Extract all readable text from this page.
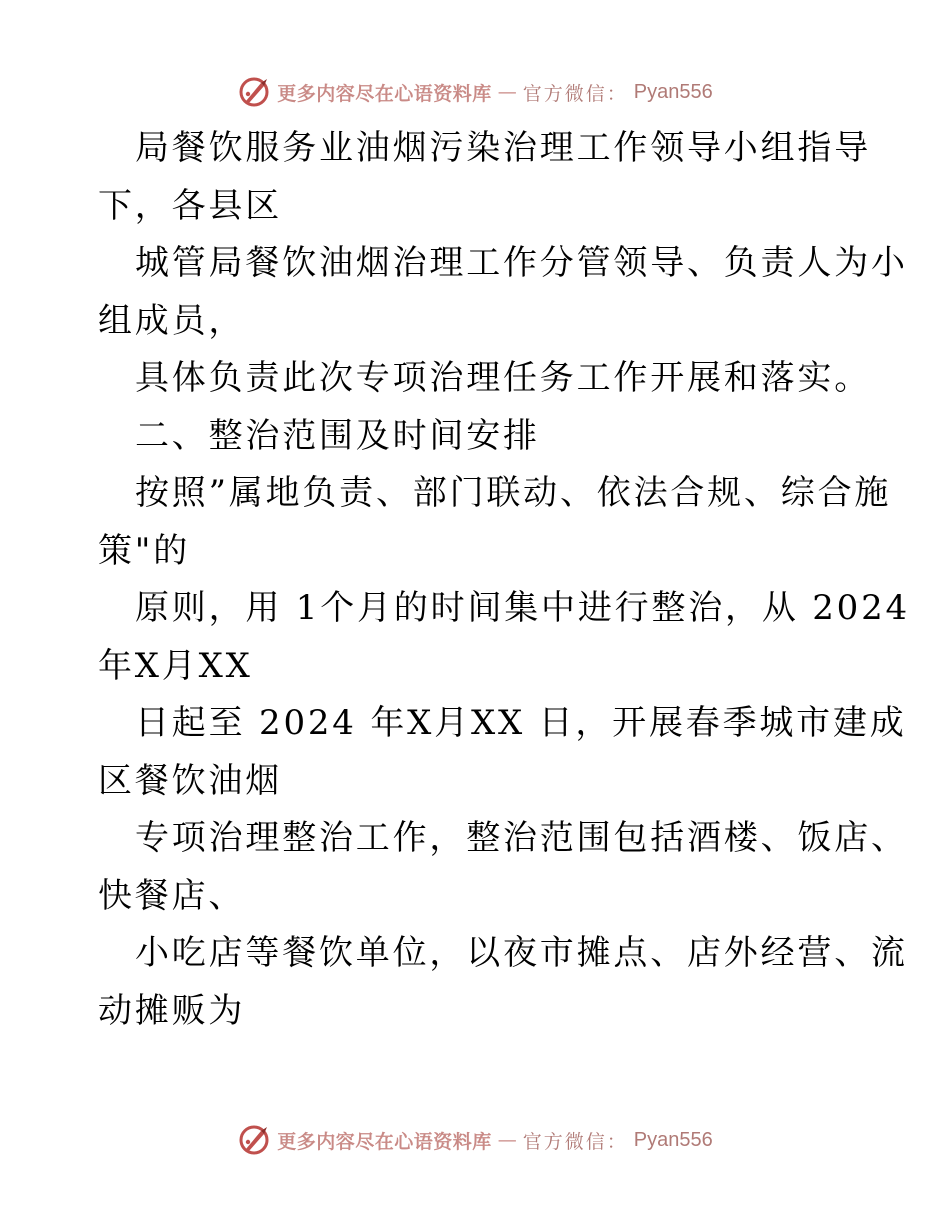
更多内容尽在心语资料库 — 官方微信： Pyan556
局餐饮服务业油烟污染治理工作领导小组指导
下，各县区
城管局餐饮油烟治理工作分管领导、负责人为小
组成员，
具体负责此次专项治理任务工作开展和落实。
二、整治范围及时间安排
按照”属地负责、部门联动、依法合规、综合施
策"的
原则，用 1个月的时间集中进行整治，从 2024
年X月XX
日起至 2024 年X月XX 日，开展春季城市建成
区餐饮油烟
专项治理整治工作，整治范围包括酒楼、饭店、
快餐店、
小吃店等餐饮单位，以夜市摊点、店外经营、流
动摊贩为
更多内容尽在心语资料库 — 官方微信： Pyan556
